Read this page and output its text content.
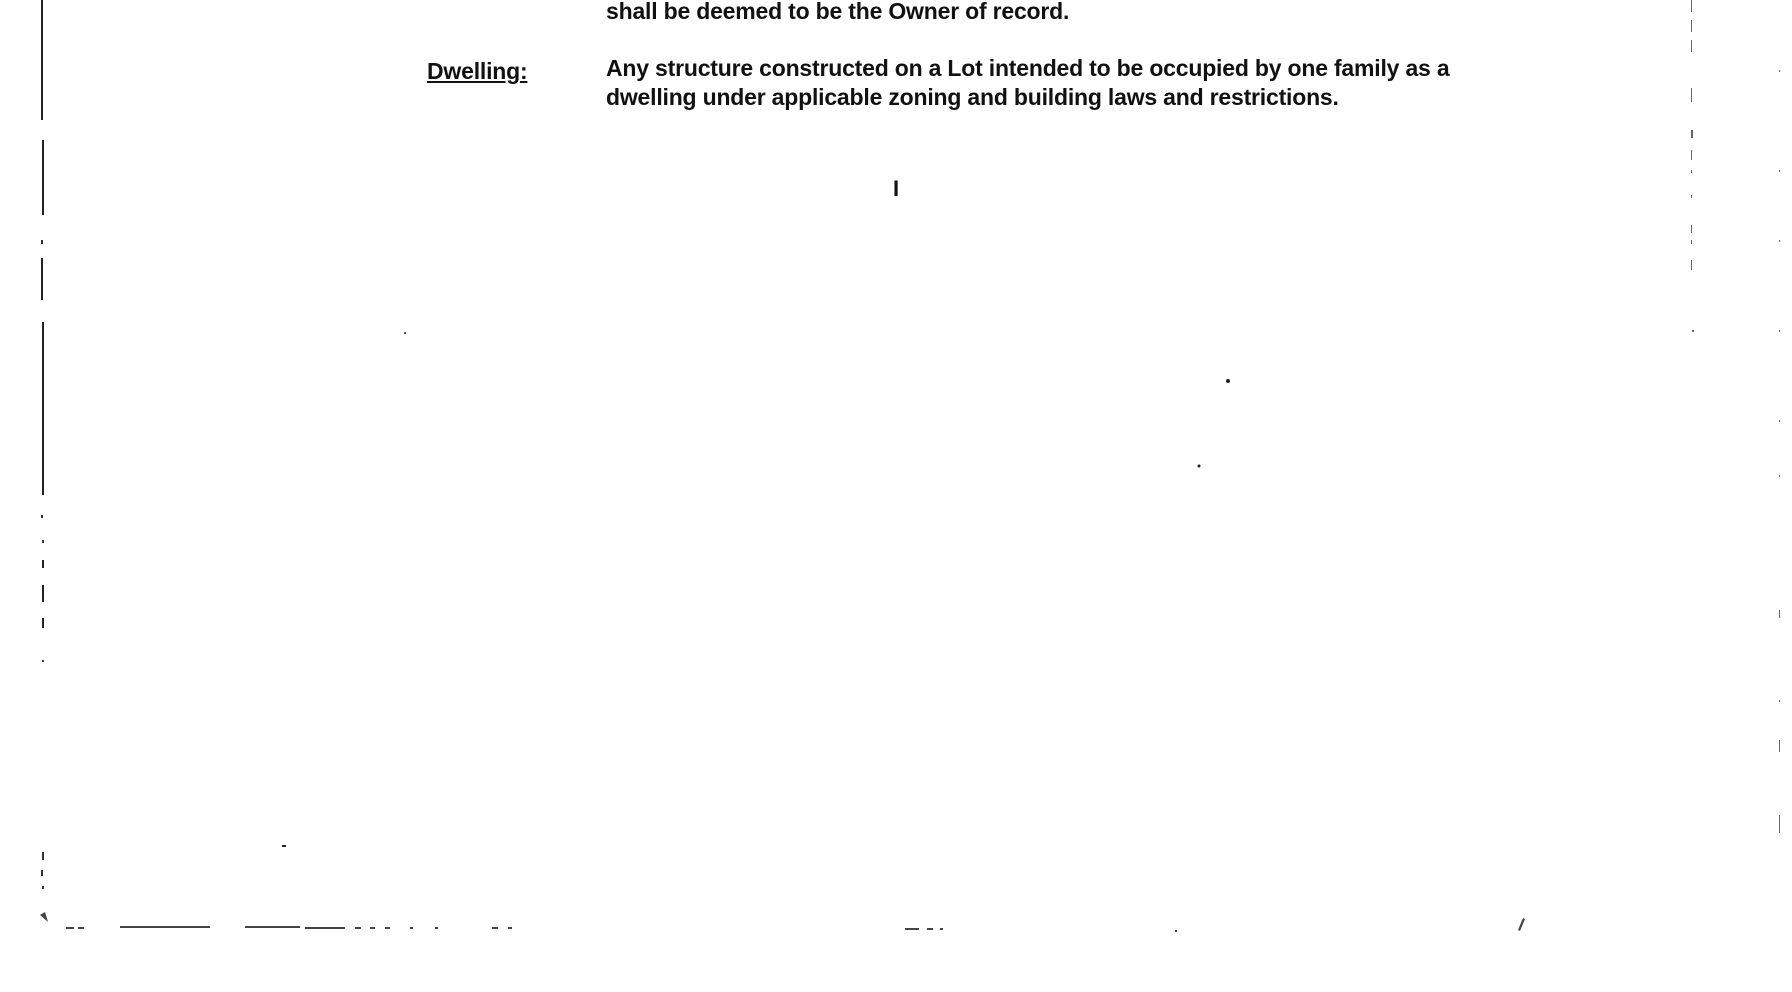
shall be deemed to be the Owner of record.
Dwelling:	Any structure constructed on a Lot intended to be occupied by one family as a
dwelling under applicable zoning and building laws and restrictions.
I
